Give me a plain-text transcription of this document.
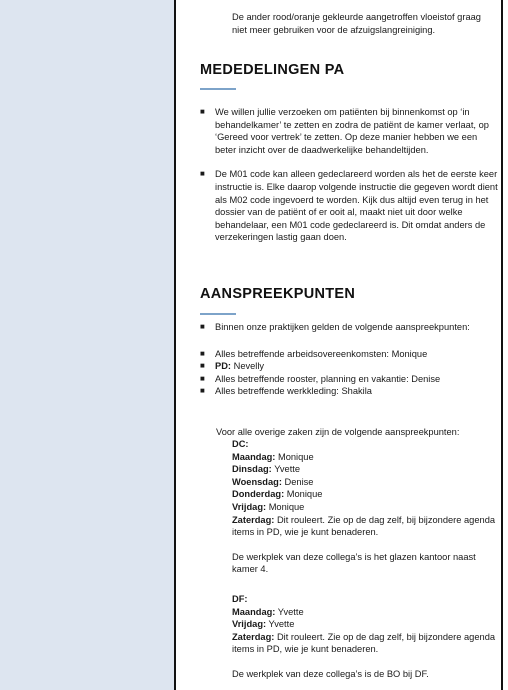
De ander rood/oranje gekleurde aangetroffen vloeistof graag niet meer gebruiken voor de afzuigslangreiniging.
MEDEDELINGEN PA
■ We willen jullie verzoeken om patiënten bij binnenkomst op ‘in behandelkamer’ te zetten en zodra de patiënt de kamer verlaat, op ‘Gereed voor vertrek’ te zetten. Op deze manier hebben we een beter inzicht over de daadwerkelijke behandeltijden.
■ De M01 code kan alleen gedeclareerd worden als het de eerste keer instructie is. Elke daarop volgende instructie die gegeven wordt dient als M02 code ingevoerd te worden. Kijk dus altijd even terug in het dossier van de patiënt of er ooit al, maakt niet uit door welke behandelaar, een M01 code gedeclareerd is. Dit omdat anders de verzekeringen lastig gaan doen.
AANSPREEKPUNTEN
■ Binnen onze praktijken gelden de volgende aanspreekpunten:
■ Alles betreffende arbeidsovereenkomsten: Monique
■ PD: Nevelly
■ Alles betreffende rooster, planning en vakantie: Denise
■ Alles betreffende werkkleding: Shakila
Voor alle overige zaken zijn de volgende aanspreekpunten:
DC:
Maandag: Monique
Dinsdag: Yvette
Woensdag: Denise
Donderdag: Monique
Vrijdag: Monique
Zaterdag: Dit rouleert. Zie op de dag zelf, bij bijzondere agenda items in PD, wie je kunt benaderen.
De werkplek van deze collega’s is het glazen kantoor naast kamer 4.
DF:
Maandag: Yvette
Vrijdag: Yvette
Zaterdag: Dit rouleert. Zie op de dag zelf, bij bijzondere agenda items in PD, wie je kunt benaderen.
De werkplek van deze collega’s is de BO bij DF.
